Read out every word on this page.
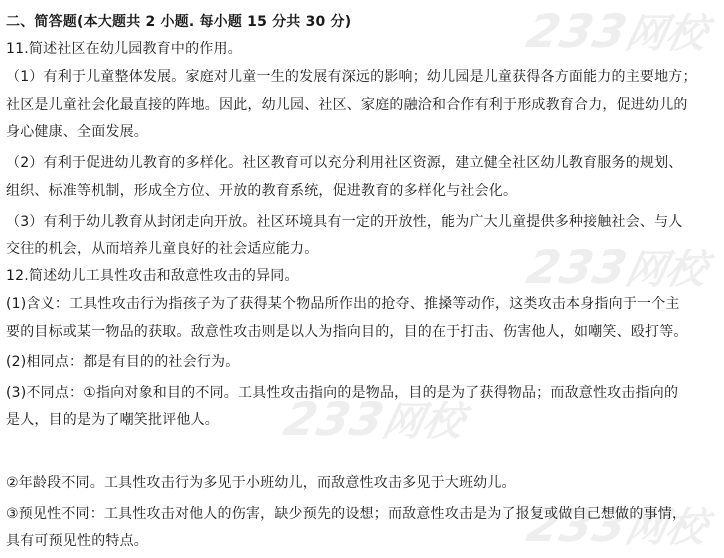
233网校
233网校
233网校
233网校
二、简答题(本大题共 2 小题. 每小题 15 分共 30 分)
11.简述社区在幼儿园教育中的作用。
（1）有利于儿童整体发展。家庭对儿童一生的发展有深远的影响；幼儿园是儿童获得各方面能力的主要地方；
社区是儿童社会化最直接的阵地。因此，幼儿园、社区、家庭的融洽和合作有利于形成教育合力，促进幼儿的
身心健康、全面发展。
（2）有利于促进幼儿教育的多样化。社区教育可以充分利用社区资源，建立健全社区幼儿教育服务的规划、
组织、标准等机制，形成全方位、开放的教育系统，促进教育的多样化与社会化。
（3）有利于幼儿教育从封闭走向开放。社区环境具有一定的开放性，能为广大儿童提供多种接触社会、与人
交往的机会，从而培养儿童良好的社会适应能力。
12.简述幼儿工具性攻击和敌意性攻击的异同。
(1)含义：工具性攻击行为指孩子为了获得某个物品所作出的抢夺、推搡等动作，这类攻击本身指向于一个主
要的目标或某一物品的获取。敌意性攻击则是以人为指向目的，目的在于打击、伤害他人，如嘲笑、殴打等。
(2)相同点：都是有目的的社会行为。
(3)不同点：①指向对象和目的不同。工具性攻击指向的是物品，目的是为了获得物品；而敌意性攻击指向的
是人，目的是为了嘲笑批评他人。
②年龄段不同。工具性攻击行为多见于小班幼儿，而敌意性攻击多见于大班幼儿。
③预见性不同：工具性攻击对他人的伤害，缺少预先的设想；而敌意性攻击是为了报复或做自己想做的事情，
具有可预见性的特点。
